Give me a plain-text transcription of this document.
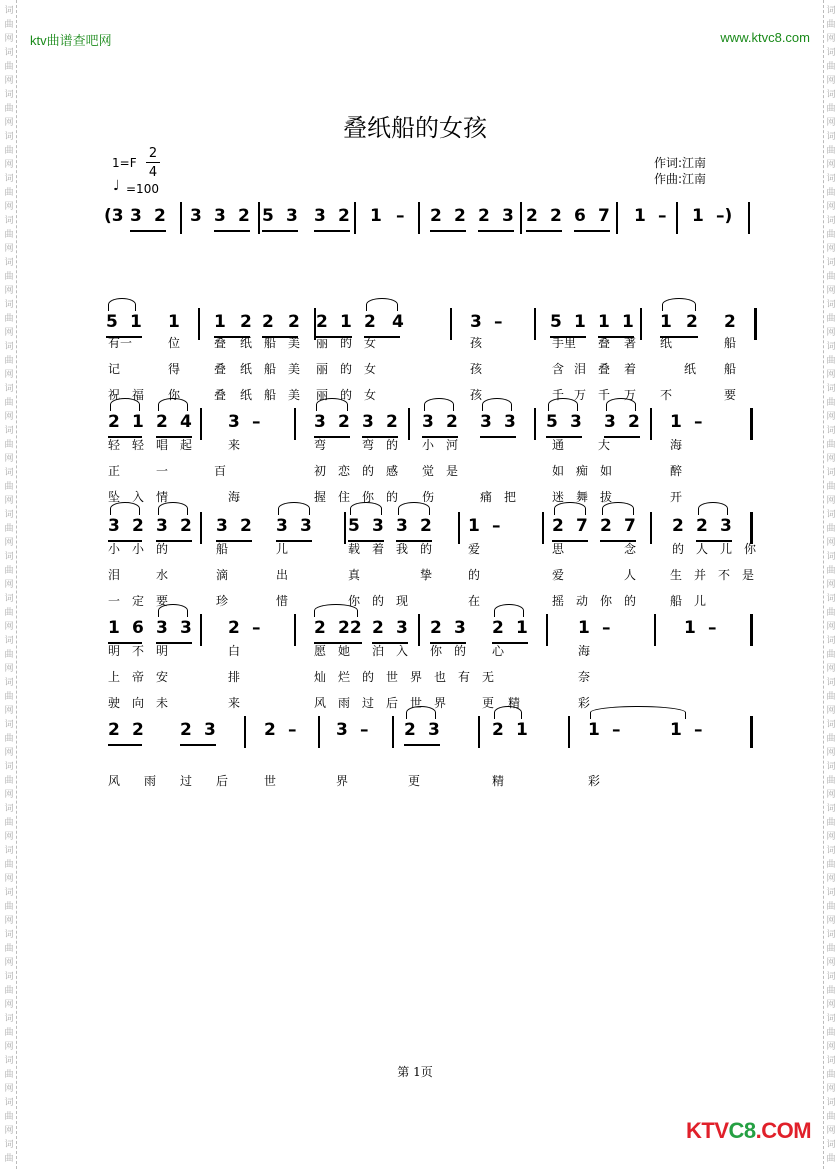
词
曲
网
词
曲
网
词
曲
网
词
曲
网
词
曲
网
词
曲
网
词
曲
网
词
曲
网
词
曲
网
词
曲
网
词
曲
网
词
曲
网
词
曲
网
词
曲
网
词
曲
网
词
曲
网
词
曲
网
词
曲
网
词
曲
网
词
曲
网
词
曲
网
词
曲
网
词
曲
网
词
曲
网
词
曲
网
词
曲
网
词
曲
网
词
曲
词
曲
网
词
曲
网
词
曲
网
词
曲
网
词
曲
网
词
曲
网
词
曲
网
词
曲
网
词
曲
网
词
曲
网
词
曲
网
词
曲
网
词
曲
网
词
曲
网
词
曲
网
词
曲
网
词
曲
网
词
曲
网
词
曲
网
词
曲
网
词
曲
网
词
曲
网
词
曲
网
词
曲
网
词
曲
网
词
曲
网
词
曲
网
词
曲
ktv曲谱查吧网	www.ktvc8.com
叠纸船的女孩
1=F
2
4
♩ =100
作词:江南
作曲:江南
(3 3 2 3 3 2 5 3 3 2 1 – 2 2 2 3 2 2 6 7 1 – 1 –)
5 1 1 1 2 2 2 2 1 2 4	3 –	5 1 1 1 1 2 2
2 1 2 4 3 –	3 2 3 2 3 2 3 3 5 3 3 2 1 –
3 2 3 2 3 2 3 3 5 3 3 2 1 –	2 7 2 7 2 2 3
1 6 3 3 2 –	2 22 2 3 2 3 2 1	1 –	1 –
2 2 2 3	2 – 3 – 2 3	2 1	1 –	1 –
有一	位	叠 纸 船 美 丽 的 女	孩	手里 叠 著 纸	船
记	得	叠 纸 船 美 丽 的 女	孩	含 泪 叠 着	纸 船
祝 福 你	叠 纸 船 美 丽 的 女	孩	千 万 千 万 不	要
轻 轻 唱 起	来	弯	弯 的 小 河	通	大	海
正	一	百	初 恋 的 感 觉 是	如 痴 如	醉
坠 入 情	海	握 住 你 的 伤	痛 把	迷 舞 拔	开
小 小 的	船	儿	载 着 我 的	爱	思	念	的 人 儿 你
泪	水	滴	出	真	挚	的	爱	人	生 并 不 是
一 定 要	珍	惜	你 的 现	在	摇 动 你 的	船 儿
明 不 明	白	愿 她 泊 入 你 的 心	海
上 帝 安	排	灿 烂 的 世 界 也 有 无	奈
驶 向 未	来	风 雨 过 后 世 界	更 精	彩
风 雨 过 后	世	界	更	精	彩
第 1页
KTVC8.COM
